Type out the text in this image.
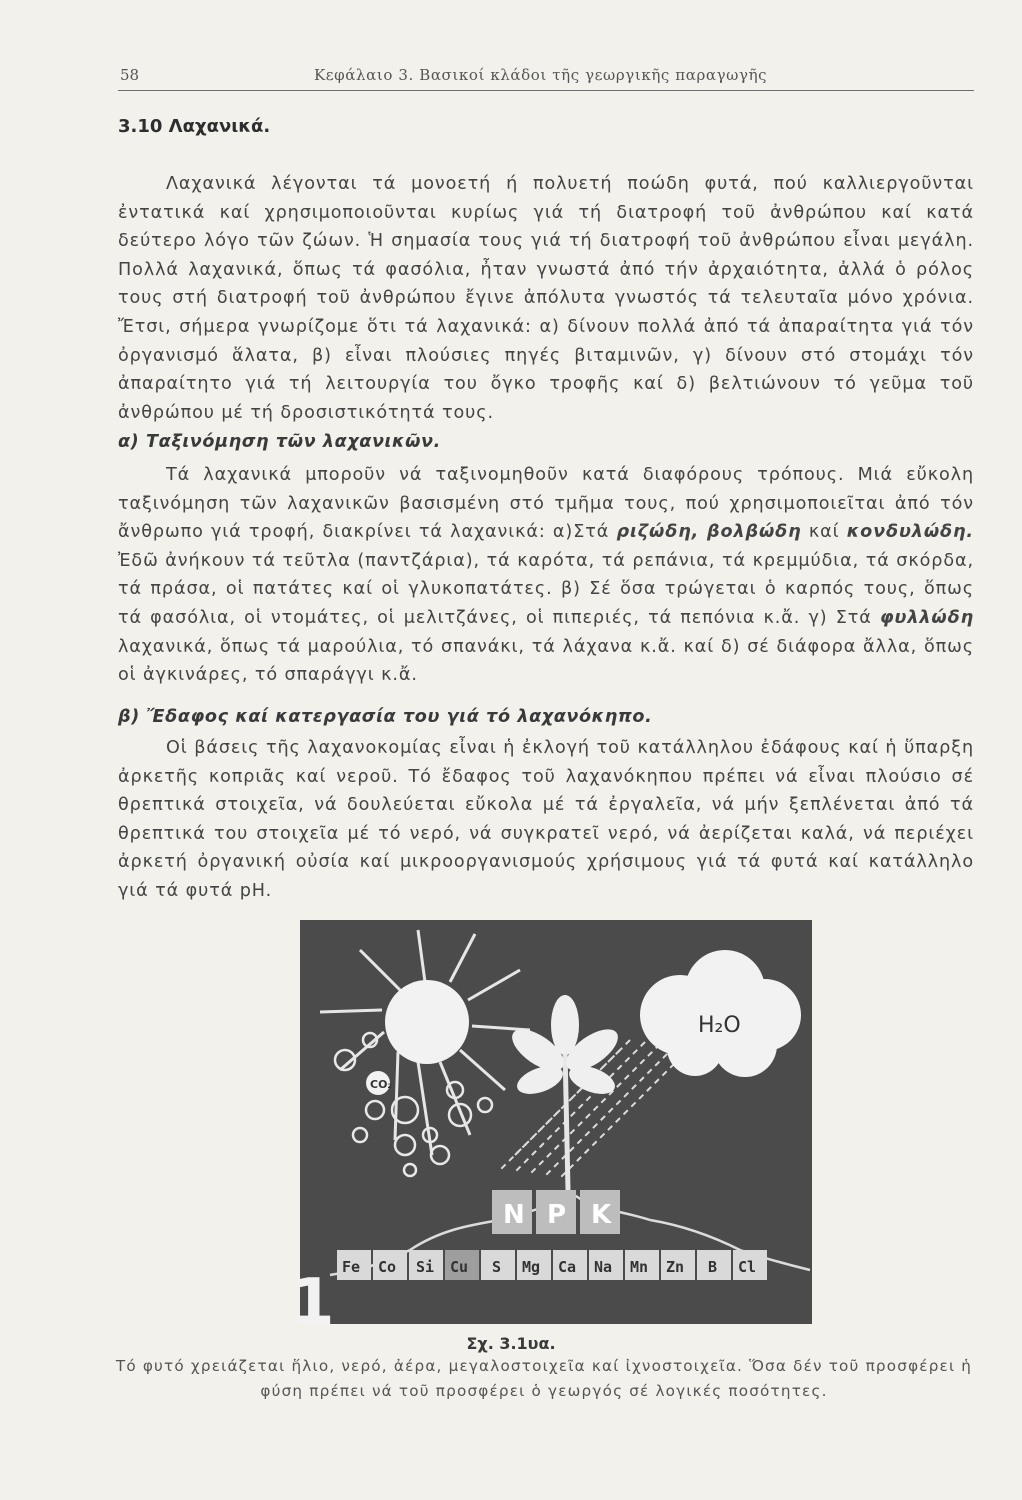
58	Κεφάλαιο 3. Βασικοί κλάδοι τῆς γεωργικῆς παραγωγῆς
3.10 Λαχανικά.

Λαχανικά λέγονται τά μονοετή ή πολυετή ποώδη φυτά, πού καλλιεργοῦνται ἐντατικά καί χρησιμοποιοῦνται κυρίως γιά τή διατροφή τοῦ ἀνθρώπου καί κατά δεύτερο λόγο τῶν ζώων. Ἡ σημασία τους γιά τή διατροφή τοῦ ἀνθρώπου εἶναι μεγάλη. Πολλά λαχανικά, ὅπως τά φασόλια, ἦταν γνωστά ἀπό τήν ἀρχαιότητα, ἀλλά ὁ ρόλος τους στή διατροφή τοῦ ἀνθρώπου ἔγινε ἀπόλυτα γνωστός τά τελευταῖα μόνο χρόνια. Ἔτσι, σήμερα γνωρίζομε ὅτι τά λαχανικά: α) δίνουν πολλά ἀπό τά ἀπαραίτητα γιά τόν ὀργανισμό ἅλατα, β) εἶναι πλούσιες πηγές βιταμινῶν, γ) δίνουν στό στομάχι τόν ἀπαραίτητο γιά τή λειτουργία του ὄγκο τροφῆς καί δ) βελτιώνουν τό γεῦμα τοῦ ἀνθρώπου μέ τή δροσιστικότητά τους.

α) Ταξινόμηση τῶν λαχανικῶν.

Τά λαχανικά μποροῦν νά ταξινομηθοῦν κατά διαφόρους τρόπους. Μιά εὔκολη ταξινόμηση τῶν λαχανικῶν βασισμένη στό τμῆμα τους, πού χρησιμοποιεῖται ἀπό τόν ἄνθρωπο γιά τροφή, διακρίνει τά λαχανικά: α)Στά ριζώδη, βολβώδη καί κονδυλώδη. Ἐδῶ ἀνήκουν τά τεῦτλα (παντζάρια), τά καρότα, τά ρεπάνια, τά κρεμμύδια, τά σκόρδα, τά πράσα, οἱ πατάτες καί οἱ γλυκοπατάτες. β) Σέ ὅσα τρώγεται ὁ καρπός τους, ὅπως τά φασόλια, οἱ ντομάτες, οἱ μελιτζάνες, οἱ πιπεριές, τά πεπόνια κ.ἄ. γ) Στά φυλλώδη λαχανικά, ὅπως τά μαρούλια, τό σπανάκι, τά λάχανα κ.ἄ. καί δ) σέ διάφορα ἄλλα, ὅπως οἱ ἀγκινάρες, τό σπαράγγι κ.ἄ.

β) Ἔδαφος καί κατεργασία του γιά τό λαχανόκηπο.

Οἱ βάσεις τῆς λαχανοκομίας εἶναι ἡ ἐκλογή τοῦ κατάλληλου ἐδάφους καί ἡ ὕπαρξη ἀρκετῆς κοπριᾶς καί νεροῦ. Τό ἔδαφος τοῦ λαχανόκηπου πρέπει νά εἶναι πλούσιο σέ θρεπτικά στοιχεῖα, νά δουλεύεται εὔκολα μέ τά ἐργαλεῖα, νά μήν ξεπλένεται ἀπό τά θρεπτικά του στοιχεῖα μέ τό νερό, νά συγκρατεῖ νερό, νά ἀερίζεται καλά, νά περιέχει ἀρκετή ὀργανική οὐσία καί μικροοργανισμούς χρήσιμους γιά τά φυτά καί κατάλληλο γιά τά φυτά pH.

H₂O
CO₂
N P K
Fe Co Si Cu S Mg Ca Na Mn Zn B Cl
1
Σχ. 3.1υα.
Τό φυτό χρειάζεται ἥλιο, νερό, ἀέρα, μεγαλοστοιχεῖα καί ἰχνοστοιχεῖα. Ὅσα δέν τοῦ προσφέρει ἡ φύση πρέπει νά τοῦ προσφέρει ὁ γεωργός σέ λογικές ποσότητες.
